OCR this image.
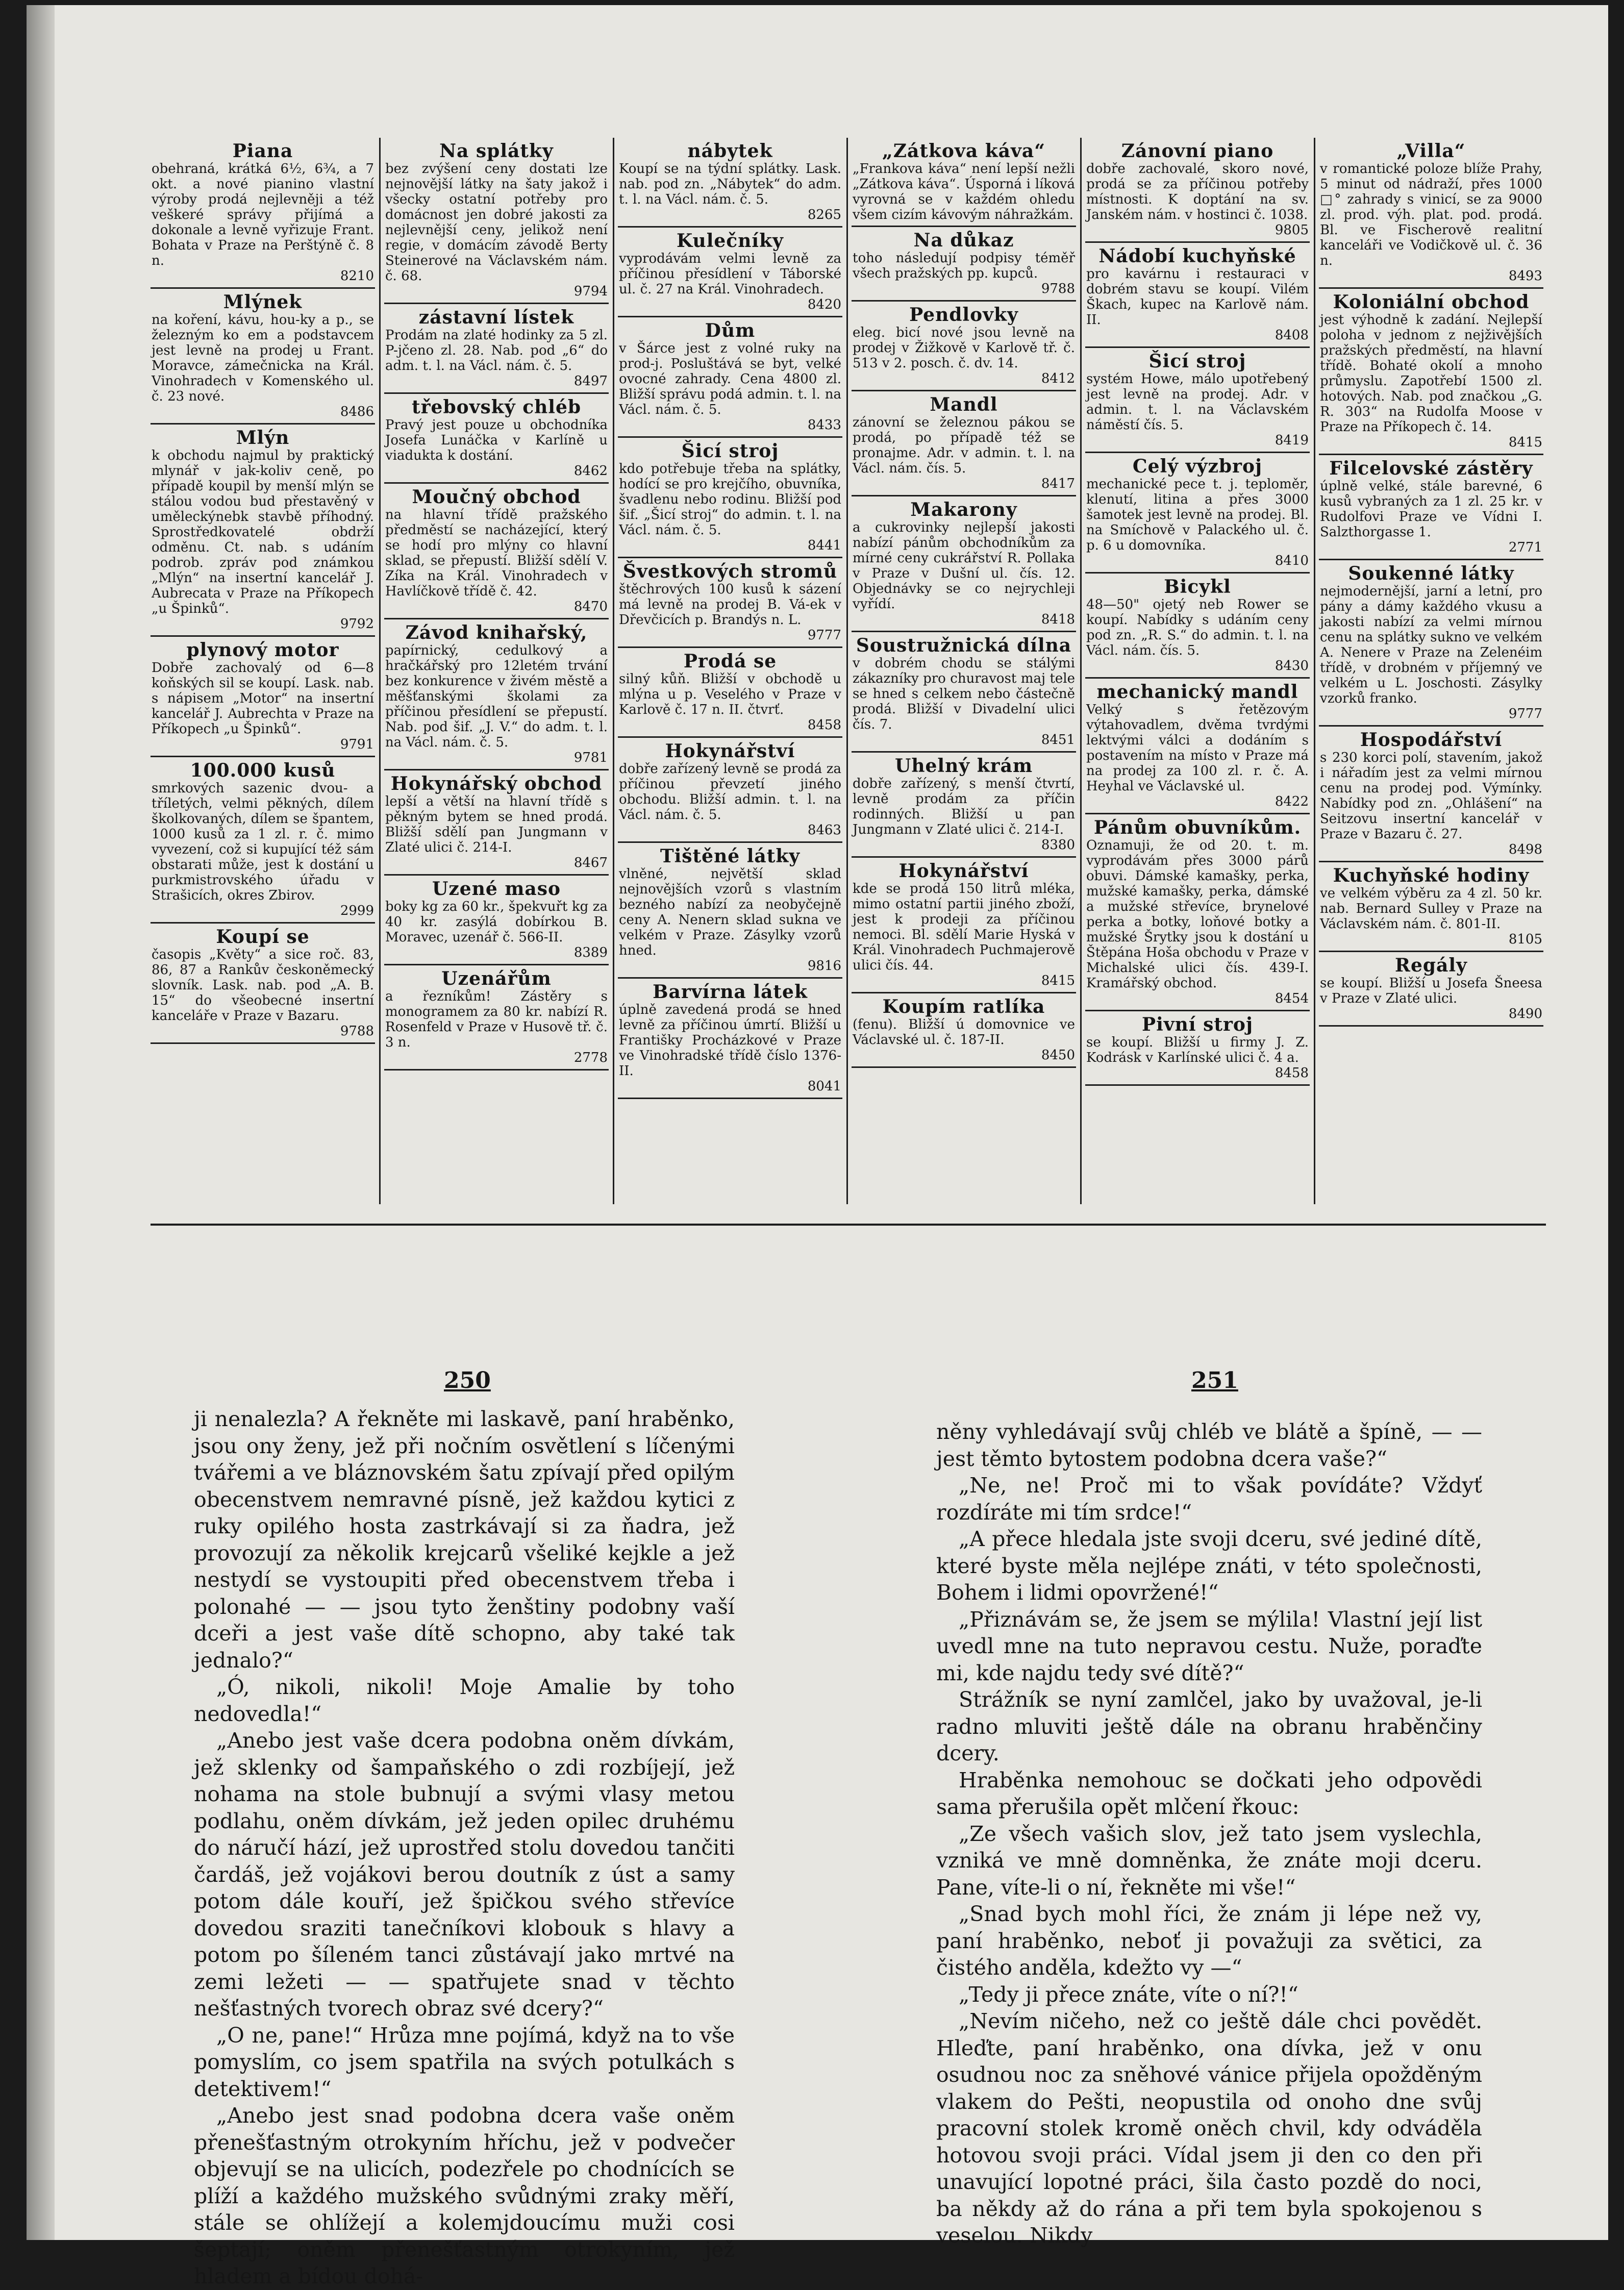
Piana
obehraná, krátká 6½, 6¾, a 7 okt. a nové pianino vlastní výroby prodá nejlevněji a též veškeré správy přijímá a dokonale a levně vyřizuje Frant. Bohata v Praze na Perštýně č. 8 n.
8210
Mlýnek
na koření, kávu, hou-ky a p., se železným ko em a podstavcem jest levně na prodej u Frant. Moravce, zámečnicka na Král. Vinohradech v Komenského ul. č. 23 nové.
8486
Mlýn
k obchodu najmul by praktický mlynář v jak-koliv ceně, po případě koupil by menší mlýn se stálou vodou bud přestavěný v uměleckýnebk stavbě příhodný. Sprostředkovatelé obdrží odměnu. Ct. nab. s udáním podrob. zpráv pod známkou „Mlýn“ na insertní kancelář J. Aubrecata v Praze na Příkopech „u Špinků“.
9792
plynový motor
Dobře zachovalý od 6—8 koňských sil se koupí. Lask. nab. s nápisem „Motor“ na insertní kancelář J. Aubrechta v Praze na Příkopech „u Špinků“.
9791
100.000 kusů
smrkových sazenic dvou- a tříletých, velmi pěkných, dílem školkovaných, dílem se špantem, 1000 kusů za 1 zl. r. č. mimo vyvezení, což si kupující též sám obstarati může, jest k dostání u purkmistrovského úřadu v Strašicích, okres Zbirov.
2999
Koupí se
časopis „Květy“ a sice roč. 83, 86, 87 a Rankův českoněmecký slovník. Lask. nab. pod „A. B. 15“ do všeobecné insertní kanceláře v Praze v Bazaru.
9788
Na splátky
bez zvýšení ceny dostati lze nejnovější látky na šaty jakož i všecky ostatní potřeby pro domácnost jen dobré jakosti za nejlevnější ceny, jelikož není regie, v domácím závodě Berty Steinerové na Václavském nám. č. 68.
9794
zástavní lístek
Prodám na zlaté hodinky za 5 zl. P-jčeno zl. 28. Nab. pod „6“ do adm. t. l. na Václ. nám. č. 5.
8497
třebovský chléb
Pravý jest pouze u obchodníka Josefa Lunáčka v Karlíně u viadukta k dostání.
8462
Moučný obchod
na hlavní třídě pražského předměstí se nacházející, který se hodí pro mlýny co hlavní sklad, se přepustí. Bližší sdělí V. Zíka na Král. Vinohradech v Havlíčkově třídě č. 42.
8470
Závod knihařský,
papírnický, cedulkový a hračkářský pro 12letém trvání bez konkurence v živém městě a měšťanskými školami za příčinou přesídlení se přepustí. Nab. pod šif. „J. V.“ do adm. t. l. na Václ. nám. č. 5.
9781
Hokynářský obchod
lepší a větší na hlavní třídě s pěkným bytem se hned prodá. Bližší sdělí pan Jungmann v Zlaté ulici č. 214-I.
8467
Uzené maso
boky kg za 60 kr., špekvuřt kg za 40 kr. zasýlá dobírkou B. Moravec, uzenář č. 566-II.
8389
Uzenářům
a řezníkům! Zástěry s monogramem za 80 kr. nabízí R. Rosenfeld v Praze v Husově tř. č. 3 n.
2778
nábytek
Koupí se na týdní splátky. Lask. nab. pod zn. „Nábytek“ do adm. t. l. na Václ. nám. č. 5.
8265
Kulečníky
vyprodávám velmi levně za příčinou přesídlení v Táborské ul. č. 27 na Král. Vinohradech.
8420
Dům
v Šárce jest z volné ruky na prod-j. Posluštává se byt, velké ovocné zahrady. Cena 4800 zl. Bližší správu podá admin. t. l. na Václ. nám. č. 5.
8433
Šicí stroj
kdo potřebuje třeba na splátky, hodící se pro krejčího, obuvníka, švadlenu nebo rodinu. Bližší pod šif. „Šicí stroj“ do admin. t. l. na Václ. nám. č. 5.
8441
Švestkových stromů
štěchrových 100 kusů k sázení má levně na prodej B. Vá-ek v Dřevčicích p. Brandýs n. L.
9777
Prodá se
silný kůň. Bližší v obchodě u mlýna u p. Veselého v Praze v Karlově č. 17 n. II. čtvrť.
8458
Hokynářství
dobře zařízený levně se prodá za příčinou převzetí jiného obchodu. Bližší admin. t. l. na Václ. nám. č. 5.
8463
Tištěné látky
vlněné, největší sklad nejnovějších vzorů s vlastním bezného nabízí za neobyčejně ceny A. Nenern sklad sukna ve velkém v Praze. Zásylky vzorů hned.
9816
Barvírna látek
úplně zavedená prodá se hned levně za příčinou úmrtí. Bližší u Františky Procházkové v Praze ve Vinohradské třídě číslo 1376-II.
8041
„Zátkova káva“
„Frankova káva“ není lepší nežli „Zátkova káva“. Úsporná i líková vyrovná se v každém ohledu všem cizím kávovým náhražkám.
Na důkaz
toho následují podpisy téměř všech pražských pp. kupců.
9788
Pendlovky
eleg. bicí nové jsou levně na prodej v Žižkově v Karlově tř. č. 513 v 2. posch. č. dv. 14.
8412
Mandl
zánovní se železnou pákou se prodá, po případě též se pronajme. Adr. v admin. t. l. na Václ. nám. čís. 5.
8417
Makarony
a cukrovinky nejlepší jakosti nabízí pánům obchodníkům za mírné ceny cukrářství R. Pollaka v Praze v Dušní ul. čís. 12. Objednávky se co nejrychleji vyřídí.
8418
Soustružnická dílna
v dobrém chodu se stálými zákazníky pro churavost maj tele se hned s celkem nebo částečně prodá. Bližší v Divadelní ulici čís. 7.
8451
Uhelný krám
dobře zařízený, s menší čtvrtí, levně prodám za příčin rodinných. Bližší u pan Jungmann v Zlaté ulici č. 214-I.
8380
Hokynářství
kde se prodá 150 litrů mléka, mimo ostatní partii jiného zboží, jest k prodeji za příčinou nemoci. Bl. sdělí Marie Hyská v Král. Vinohradech Puchmajerově ulici čís. 44.
8415
Koupím ratlíka
(fenu). Bližší ú domovnice ve Václavské ul. č. 187-II.
8450
Zánovní piano
dobře zachovalé, skoro nové, prodá se za příčinou potřeby místnosti. K doptání na sv. Janském nám. v hostinci č. 1038.
9805
Nádobí kuchyňské
pro kavárnu i restauraci v dobrém stavu se koupí. Vilém Škach, kupec na Karlově nám. II.
8408
Šicí stroj
systém Howe, málo upotřebený jest levně na prodej. Adr. v admin. t. l. na Václavském náměstí čís. 5.
8419
Celý výzbroj
mechanické pece t. j. teploměr, klenutí, litina a přes 3000 šamotek jest levně na prodej. Bl. na Smíchově v Palackého ul. č. p. 6 u domovníka.
8410
Bicykl
48—50" ojetý neb Rower se koupí. Nabídky s udáním ceny pod zn. „R. S.“ do admin. t. l. na Václ. nám. čís. 5.
8430
mechanický mandl
Velký s řetězovým výtahovadlem, dvěma tvrdými lektvými válci a dodáním s postavením na místo v Praze má na prodej za 100 zl. r. č. A. Heyhal ve Václavské ul.
8422
Pánům obuvníkům.
Oznamuji, že od 20. t. m. vyprodávám přes 3000 párů obuvi. Dámské kamašky, perka, mužské kamašky, perka, dámské a mužské střevíce, brynelové perka a botky, loňové botky a mužské Šrytky jsou k dostání u Štěpána Hoša obchodu v Praze v Michalské ulici čís. 439-I. Kramářský obchod.
8454
Pivní stroj
se koupí. Bližší u firmy J. Z. Kodrásk v Karlínské ulici č. 4 a.
8458
„Villa“
v romantické poloze blíže Prahy, 5 minut od nádraží, přes 1000 □° zahrady s vinicí, se za 9000 zl. prod. výh. plat. pod. prodá. Bl. ve Fischerově realitní kanceláři ve Vodičkově ul. č. 36 n.
8493
Koloniální obchod
jest výhodně k zadání. Nejlepší poloha v jednom z nejživějších pražských předměstí, na hlavní třídě. Bohaté okolí a mnoho průmyslu. Zapotřebí 1500 zl. hotových. Nab. pod značkou „G. R. 303“ na Rudolfa Moose v Praze na Příkopech č. 14.
8415
Filcelovské zástěry
úplně velké, stále barevné, 6 kusů vybraných za 1 zl. 25 kr. v Rudolfovi Praze ve Vídni I. Salzthorgasse 1.
2771
Soukenné látky
nejmodernější, jarní a letní, pro pány a dámy každého vkusu a jakosti nabízí za velmi mírnou cenu na splátky sukno ve velkém A. Nenere v Praze na Zelenéim třídě, v drobném v příjemný ve velkém u L. Joschosti. Zásylky vzorků franko.
9777
Hospodářství
s 230 korci polí, stavením, jakož i nářadím jest za velmi mírnou cenu na prodej pod. Výmínky. Nabídky pod zn. „Ohlášení“ na Seitzovu insertní kancelář v Praze v Bazaru č. 27.
8498
Kuchyňské hodiny
ve velkém výběru za 4 zl. 50 kr. nab. Bernard Sulley v Praze na Václavském nám. č. 801-II.
8105
Regály
se koupí. Bližší u Josefa Šneesa v Praze v Zlaté ulici.
8490
250	251

ji nenalezla? A řekněte mi laskavě, paní hraběnko, jsou ony ženy, jež při nočním osvětlení s líčenými tvářemi a ve bláznovském šatu zpívají před opilým obecenstvem nemravné písně, jež každou kytici z ruky opilého hosta zastrkávají si za ňadra, jež provozují za několik krejcarů všeliké kejkle a jež nestydí se vystoupiti před obecenstvem třeba i polonahé — — jsou tyto ženštiny podobny vaší dceři a jest vaše dítě schopno, aby také tak jednalo?“

„Ó, nikoli, nikoli! Moje Amalie by toho nedovedla!“

„Anebo jest vaše dcera podobna oněm dívkám, jež sklenky od šampaňského o zdi rozbíjejí, jež nohama na stole bubnují a svými vlasy metou podlahu, oněm dívkám, jež jeden opilec druhému do náručí hází, jež uprostřed stolu dovedou tančiti čardáš, jež vojákovi berou doutník z úst a samy potom dále kouří, jež špičkou svého střevíce dovedou sraziti tanečníkovi klobouk s hlavy a potom po šíleném tanci zůstávají jako mrtvé na zemi ležeti — — spatřujete snad v těchto nešťastných tvorech obraz své dcery?“

„O ne, pane!“ Hrůza mne pojímá, když na to vše pomyslím, co jsem spatřila na svých potulkách s detektivem!“

„Anebo jest snad podobna dcera vaše oněm přenešťastným otrokyním hříchu, jež v podvečer objevují se na ulicích, podezřele po chodnících se plíží a každého mužského svůdnými zraky měří, stále se ohlížejí a kolemjdoucímu muži cosi šeptají; oněm přenešťastným otrokyním, jež hladem a bídou dohá-

něny vyhledávají svůj chléb ve blátě a špíně, — — jest těmto bytostem podobna dcera vaše?“

„Ne, ne! Proč mi to však povídáte? Vždyť rozdíráte mi tím srdce!“

„A přece hledala jste svoji dceru, své jediné dítě, které byste měla nejlépe znáti, v této společnosti, Bohem i lidmi opovržené!“

„Přiznávám se, že jsem se mýlila! Vlastní její list uvedl mne na tuto nepravou cestu. Nuže, poraďte mi, kde najdu tedy své dítě?“

Strážník se nyní zamlčel, jako by uvažoval, je-li radno mluviti ještě dále na obranu hraběnčiny dcery.

Hraběnka nemohouc se dočkati jeho odpovědi sama přerušila opět mlčení řkouc:

„Ze všech vašich slov, jež tato jsem vyslechla, vzniká ve mně domněnka, že znáte moji dceru. Pane, víte-li o ní, řekněte mi vše!“

„Snad bych mohl říci, že znám ji lépe než vy, paní hraběnko, neboť ji považuji za světici, za čistého anděla, kdežto vy —“

„Tedy ji přece znáte, víte o ní?!“

„Nevím ničeho, než co ještě dále chci povědět. Hleďte, paní hraběnko, ona dívka, jež v onu osudnou noc za sněhové vánice přijela opožděným vlakem do Pešti, neopustila od onoho dne svůj pracovní stolek kromě oněch chvil, kdy odváděla hotovou svoji práci. Vídal jsem ji den co den při unavující lopotné práci, šila často pozdě do noci, ba někdy až do rána a při tem byla spokojenou s veselou. Nikdy
